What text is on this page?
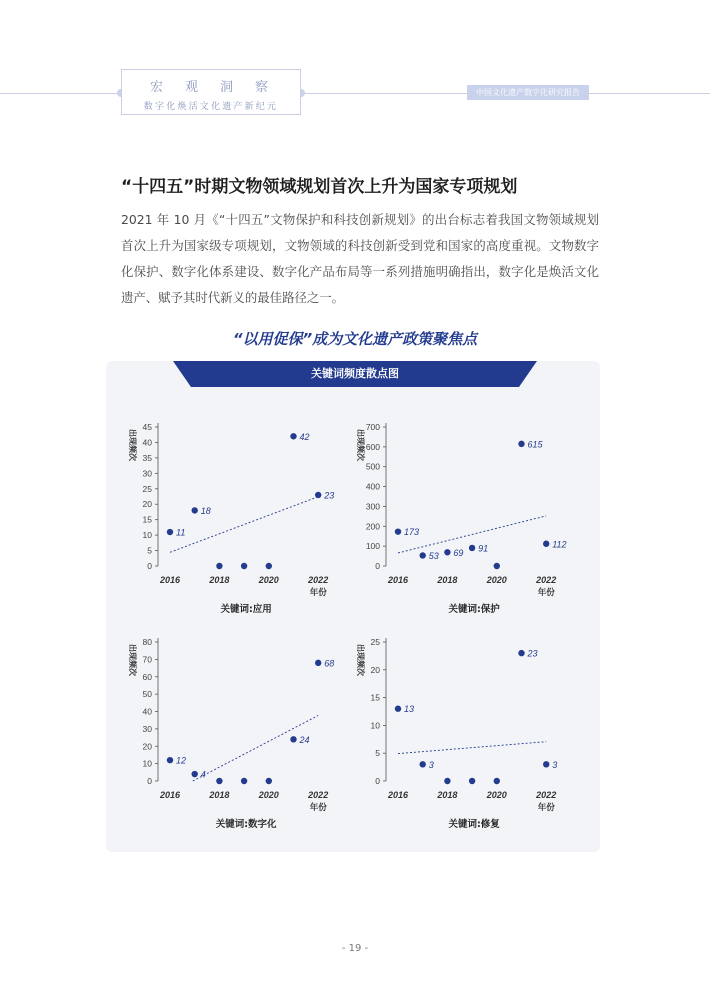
宏观洞察
数字化焕活文化遗产新纪元
中国文化遗产数字化研究报告
“十四五”时期文物领域规划首次上升为国家专项规划
2021 年 10 月《“十四五”文物保护和科技创新规划》的出台标志着我国文物领域规划首次上升为国家级专项规划，文物领域的科技创新受到党和国家的高度重视。文物数字化保护、数字化体系建设、数字化产品布局等一系列措施明确指出，数字化是焕活文化遗产、赋予其时代新义的最佳路径之一。
“以用促保”成为文化遗产政策聚焦点
关键词频度散点图
0
5
10
15
20
25
30
35
40
45
出现频次
2016	2018	2020	2022
年份
关键词:应用
11
18
42
23
0
100
200
300
400
500
600
700
出现频次
2016	2018	2020	2022
年份
关键词:保护
173
53 69 91
615
112
0
10
20
30
40
50
60
70
80
出现频次
2016	2018	2020	2022
年份
关键词:数字化
12
4
24
68
0
5
10
15
20
25
出现频次
2016	2018	2020	2022
年份
关键词:修复
13
3
23
3
- 19 -
